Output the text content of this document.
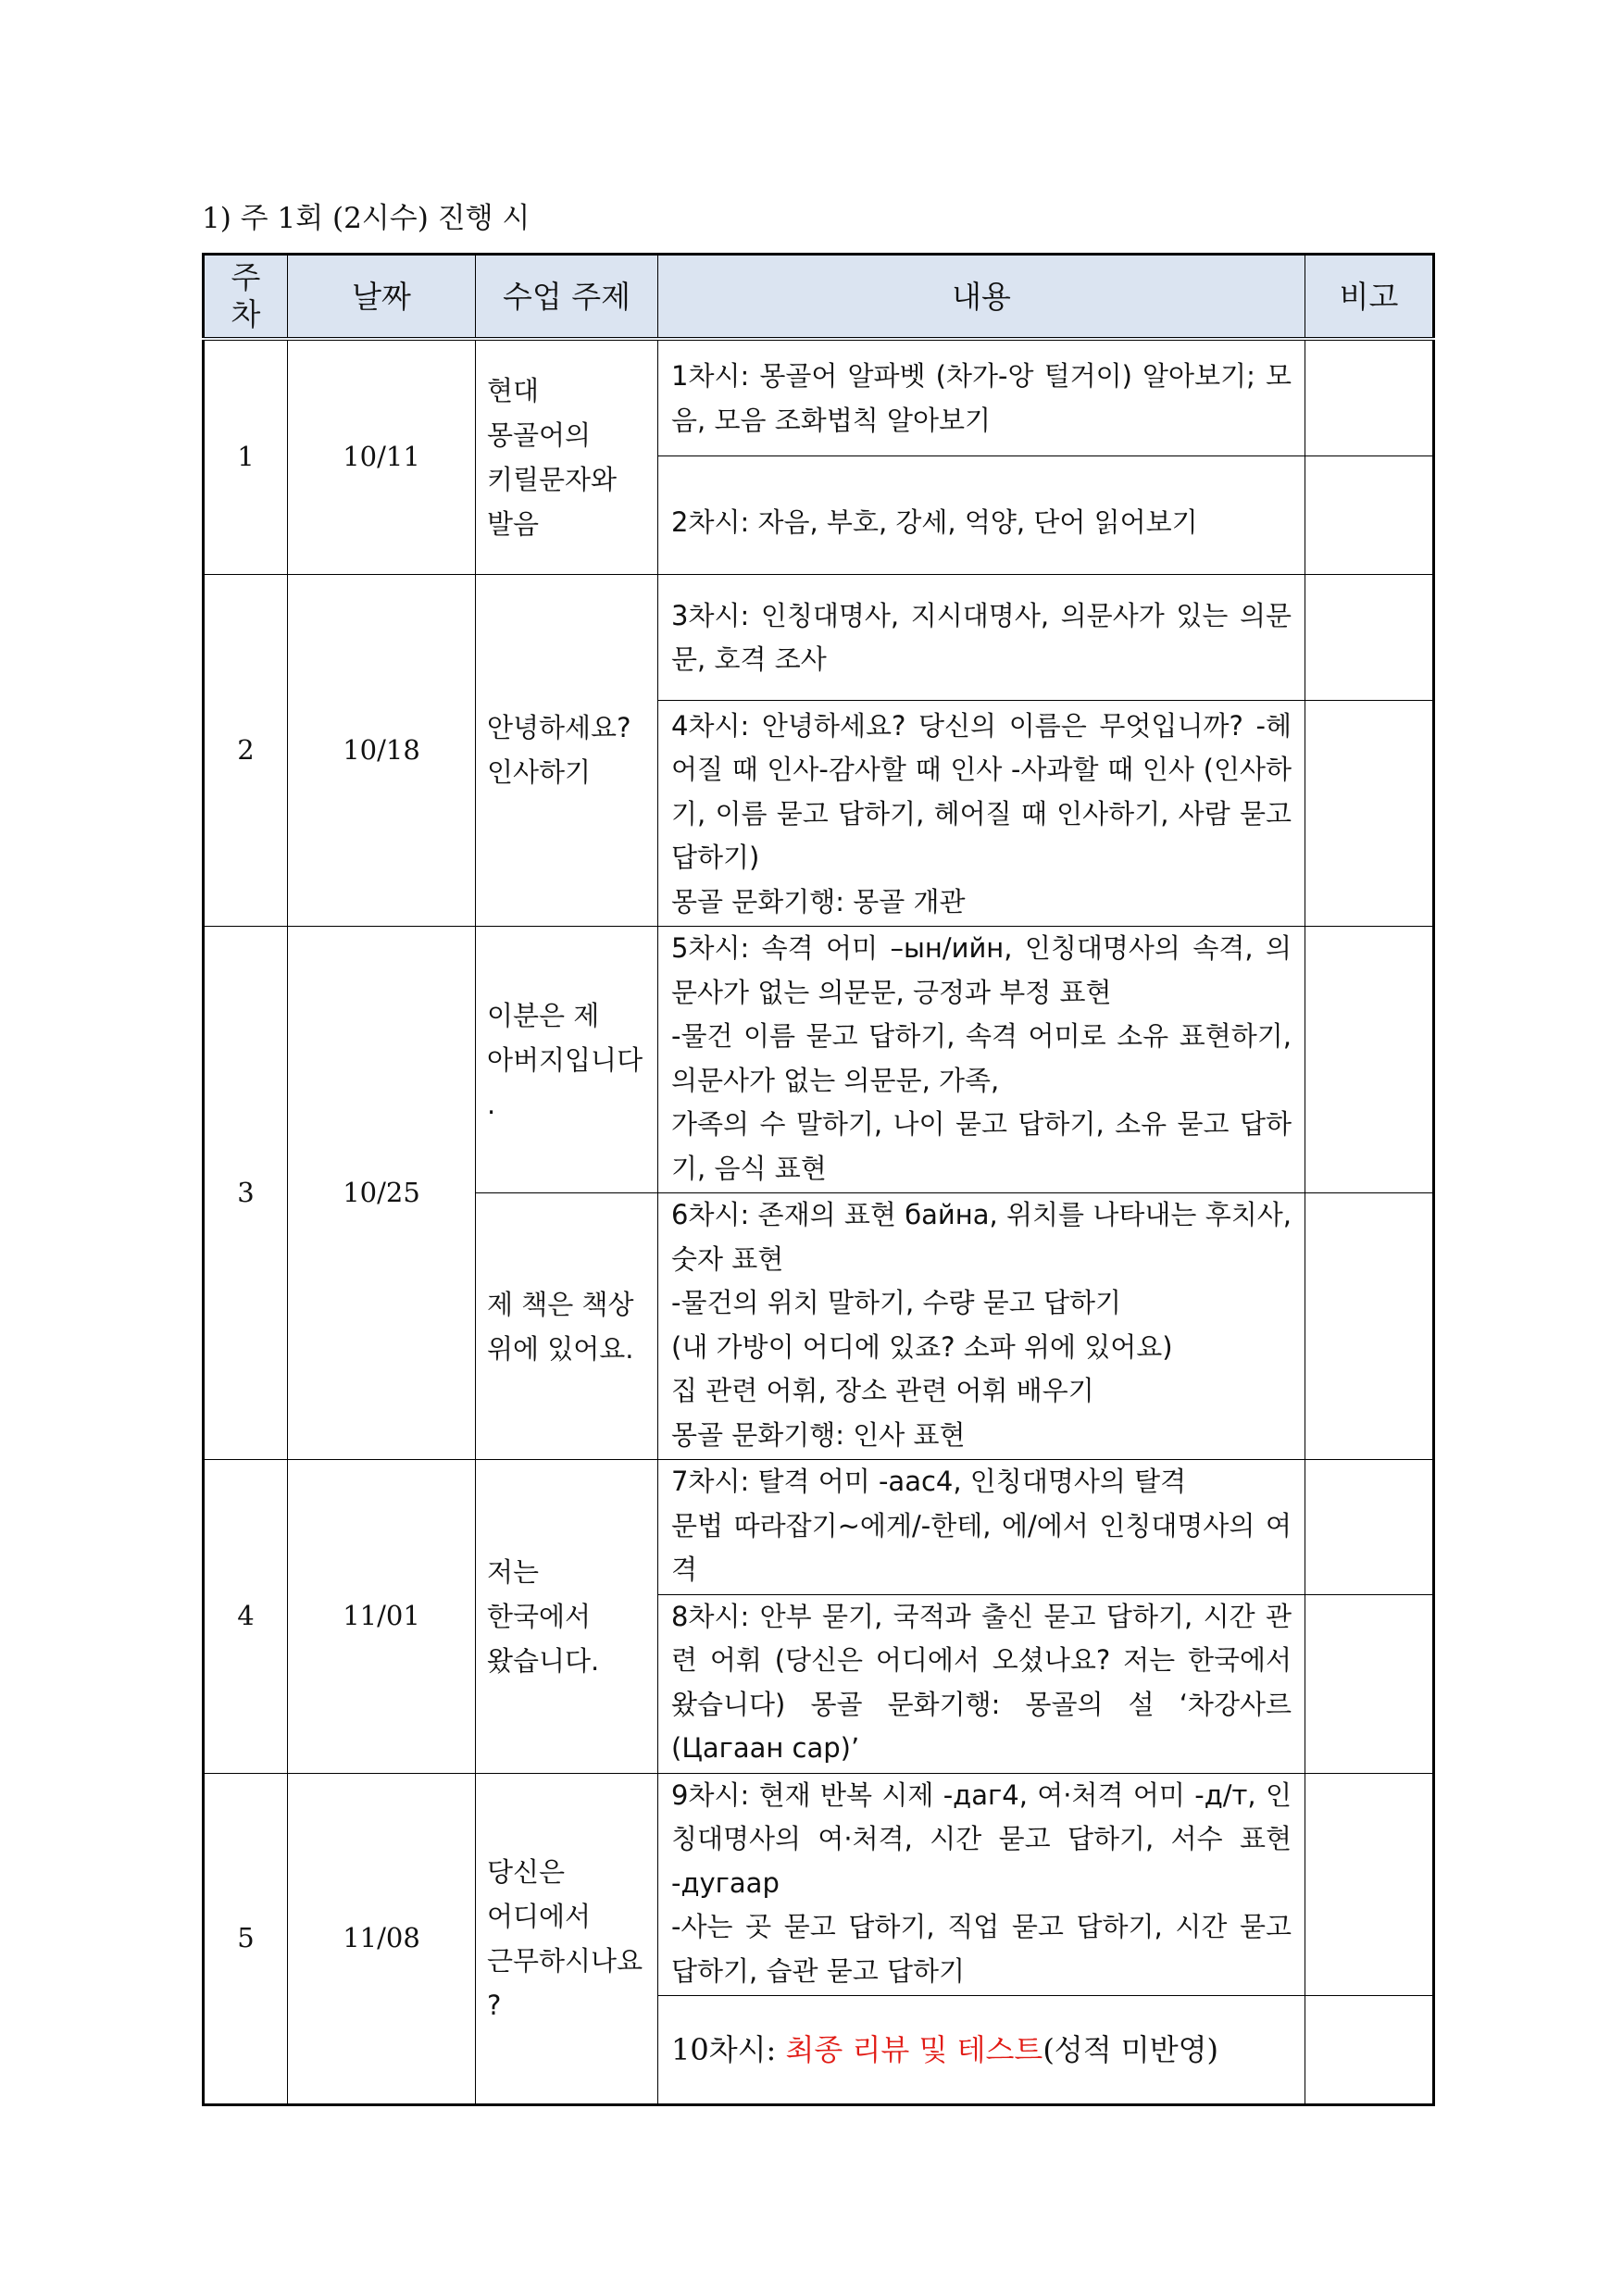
1) 주 1회 (2시수) 진행 시
주
차	날짜	수업 주제	내용	비고
1	10/11	현대
몽골어의
키릴문자와
발음	1차시: 몽골어 알파벳 (차가-앙 털거이) 알아보기; 모음, 모음 조화법칙 알아보기	
			2차시: 자음, 부호, 강세, 억양, 단어 읽어보기	
2	10/18	안녕하세요?
인사하기	3차시: 인칭대명사, 지시대명사, 의문사가 있는 의문문, 호격 조사	

			4차시: 안녕하세요? 당신의 이름은 무엇입니까? -헤어질 때 인사-감사할 때 인사 -사과할 때 인사 (인사하기, 이름 묻고 답하기, 헤어질 때 인사하기, 사람 묻고 답하기)
몽골 문화기행: 몽골 개관	

3	10/25	이분은 제
아버지입니다
.	5차시: 속격 어미 –ын/ийн, 인칭대명사의 속격, 의문사가 없는 의문문, 긍정과 부정 표현
-물건 이름 묻고 답하기, 속격 어미로 소유 표현하기, 의문사가 없는 의문문, 가족,
가족의 수 말하기, 나이 묻고 답하기, 소유 묻고 답하기, 음식 표현	

		제 책은 책상
위에 있어요.	6차시: 존재의 표현 байна, 위치를 나타내는 후치사, 숫자 표현
-물건의 위치 말하기, 수량 묻고 답하기
(내 가방이 어디에 있죠? 소파 위에 있어요)
집 관련 어휘, 장소 관련 어휘 배우기
몽골 문화기행: 인사 표현	

4	11/01	저는
한국에서
왔습니다.	7차시: 탈격 어미 -аас4, 인칭대명사의 탈격
문법 따라잡기~에게/-한테, 에/에서 인칭대명사의 여격	

			8차시: 안부 묻기, 국적과 출신 묻고 답하기, 시간 관련 어휘 (당신은 어디에서 오셨나요? 저는 한국에서 왔습니다) 몽골 문화기행: 몽골의 설 ‘차강사르(Цагаан сар)’	
5	11/08	당신은
어디에서
근무하시나요
?	9차시: 현재 반복 시제 -даг4, 여·처격 어미 -д/т, 인칭대명사의 여·처격, 시간 묻고 답하기, 서수 표현 -дугаар
-사는 곳 묻고 답하기, 직업 묻고 답하기, 시간 묻고 답하기, 습관 묻고 답하기	

			10차시: 최종 리뷰 및 테스트(성적 미반영)	
